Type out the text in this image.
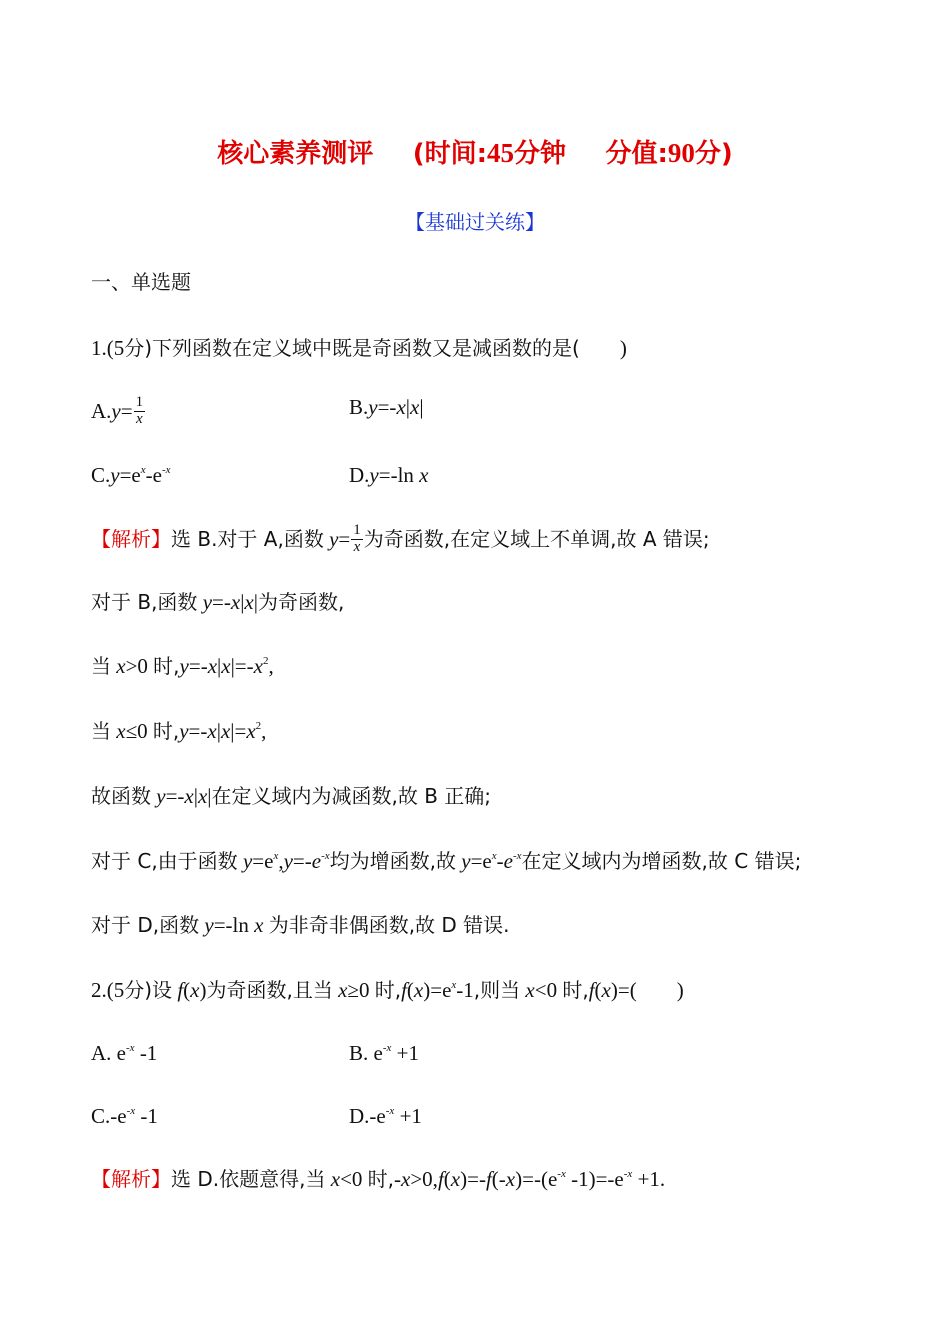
核心素养测评 (时间:45分钟 分值:90分)
【基础过关练】
一、单选题
1.(5分)下列函数在定义域中既是奇函数又是减函数的是( )
$A.y= \frac{1}{x}$	B.y=-x|x|
$C.y=e^x-e^{-x}$	D.y=-ln x
【解析】选 B.对于 A,函数 $y= \frac{1}{x}$ 为奇函数,在定义域上不单调,故 A 错误;
对于 B,函数 y=-x|x|为奇函数,
当 x>0 时$,y=-x|x|=-x^2$,
当 x≤0 时$,y=-x|x|=x^2$,
故函数 y=-x|x|在定义域内为减函数,故 B 正确;
对于 C,由于函数 $y=e^x,y=-e^{-x}$均为增函数,故 $y=e^x-e^{-x}$在定义域内为增函数,故 C 错误;
对于 D,函数 y=-ln x 为非奇非偶函数,故 D 错误.
2.(5分)设 f(x)为奇函数,且当 x≥0 时$,f(x)=e^x-1$,则当 x<0 时,f(x)=( )
A. $e^{-x}$ -1	B. $e^{-x} +1$
$C.-e^{-x}$ -1	$D.-e^{-x} +1$
【解析】选 D.依题意得,当 x<0 时$,-x>0,f(x)=-f(-x)=-(e^{-x}$ $-1)=-e^{-x} +1$.
